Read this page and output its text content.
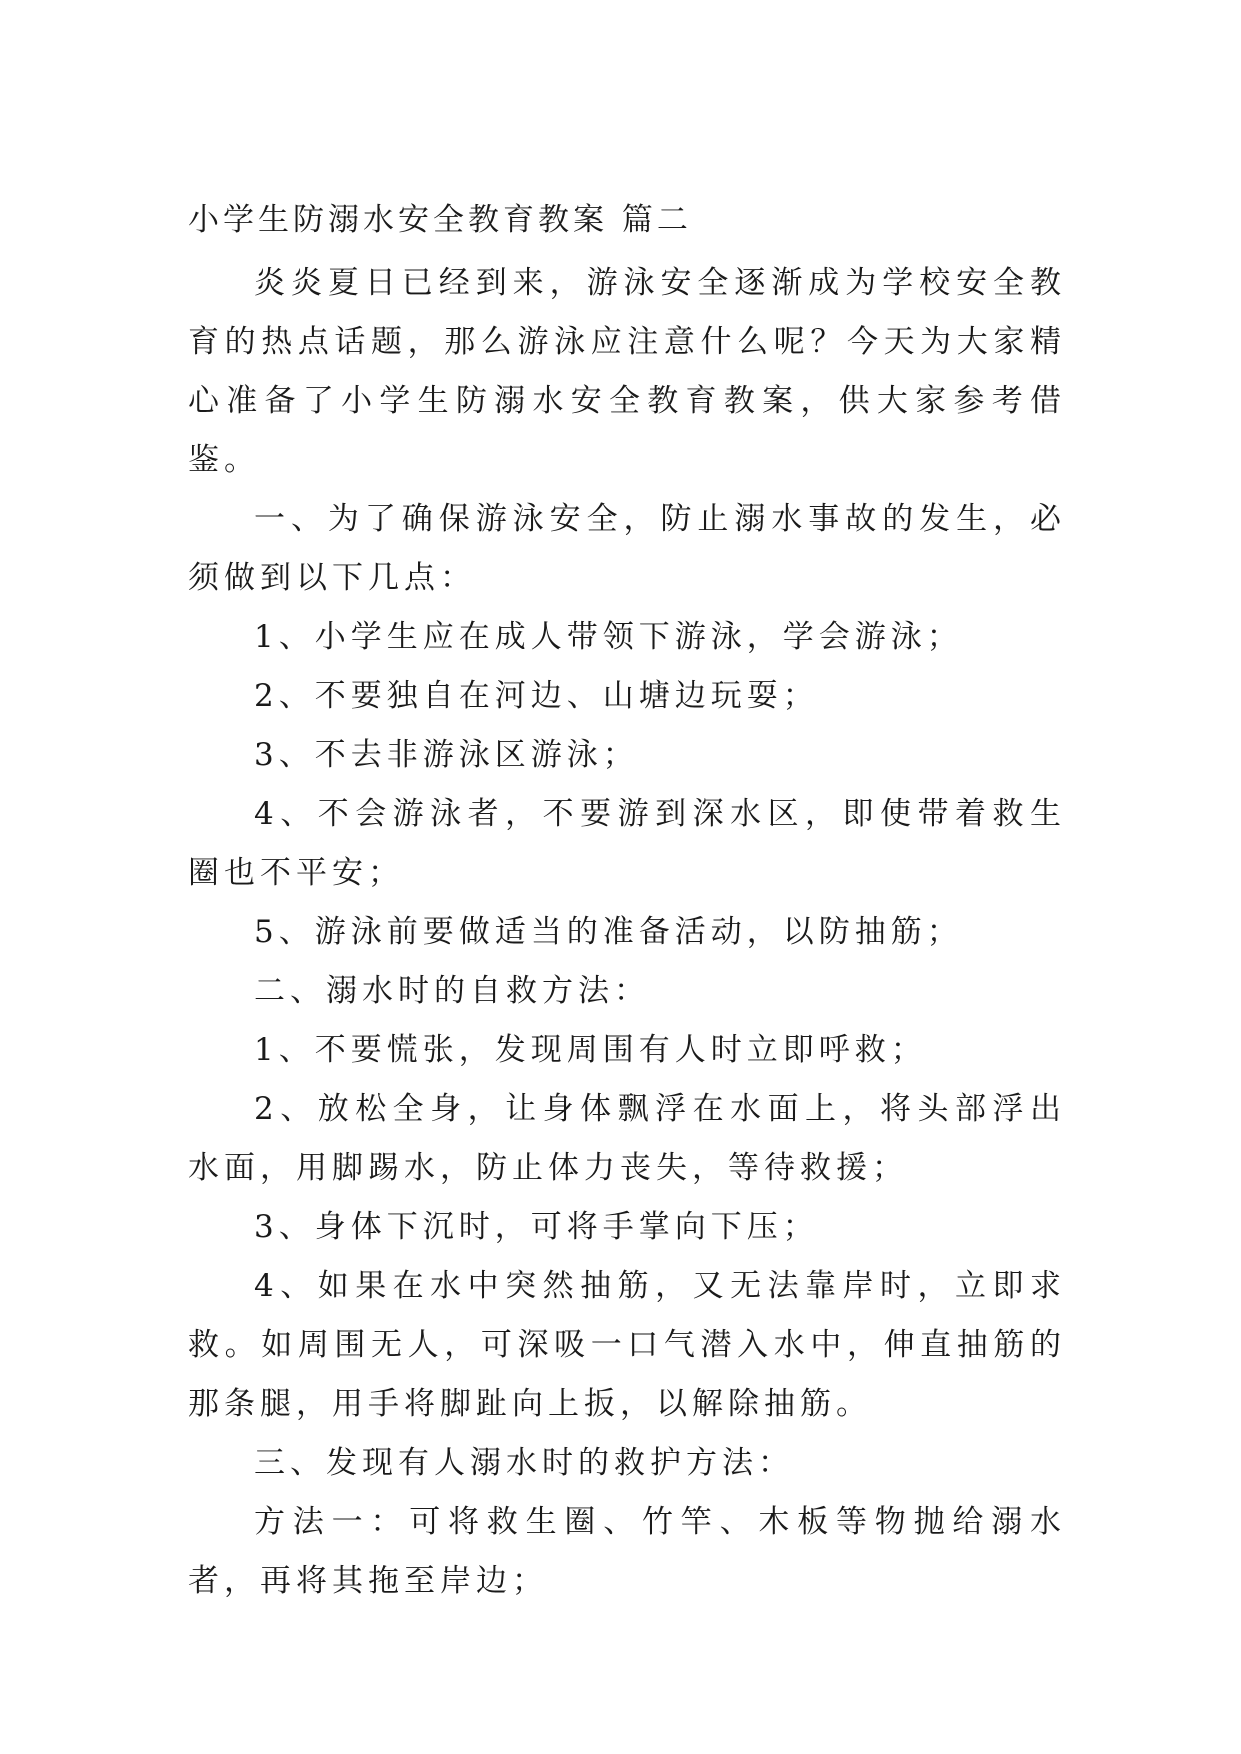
小学生防溺水安全教育教案 篇二

炎炎夏日已经到来，游泳安全逐渐成为学校安全教育的热点话题，那么游泳应注意什么呢？今天为大家精心准备了小学生防溺水安全教育教案，供大家参考借鉴。

一、为了确保游泳安全，防止溺水事故的发生，必须做到以下几点：

1、小学生应在成人带领下游泳，学会游泳；

2、不要独自在河边、山塘边玩耍；

3、不去非游泳区游泳；

4、不会游泳者，不要游到深水区，即使带着救生圈也不平安；

5、游泳前要做适当的准备活动，以防抽筋；

二、溺水时的自救方法：

1、不要慌张，发现周围有人时立即呼救；

2、放松全身，让身体飘浮在水面上，将头部浮出水面，用脚踢水，防止体力丧失，等待救援；

3、身体下沉时，可将手掌向下压；

4、如果在水中突然抽筋，又无法靠岸时，立即求救。如周围无人，可深吸一口气潜入水中，伸直抽筋的那条腿，用手将脚趾向上扳，以解除抽筋。

三、发现有人溺水时的救护方法：

方法一：可将救生圈、竹竿、木板等物抛给溺水者，再将其拖至岸边；
